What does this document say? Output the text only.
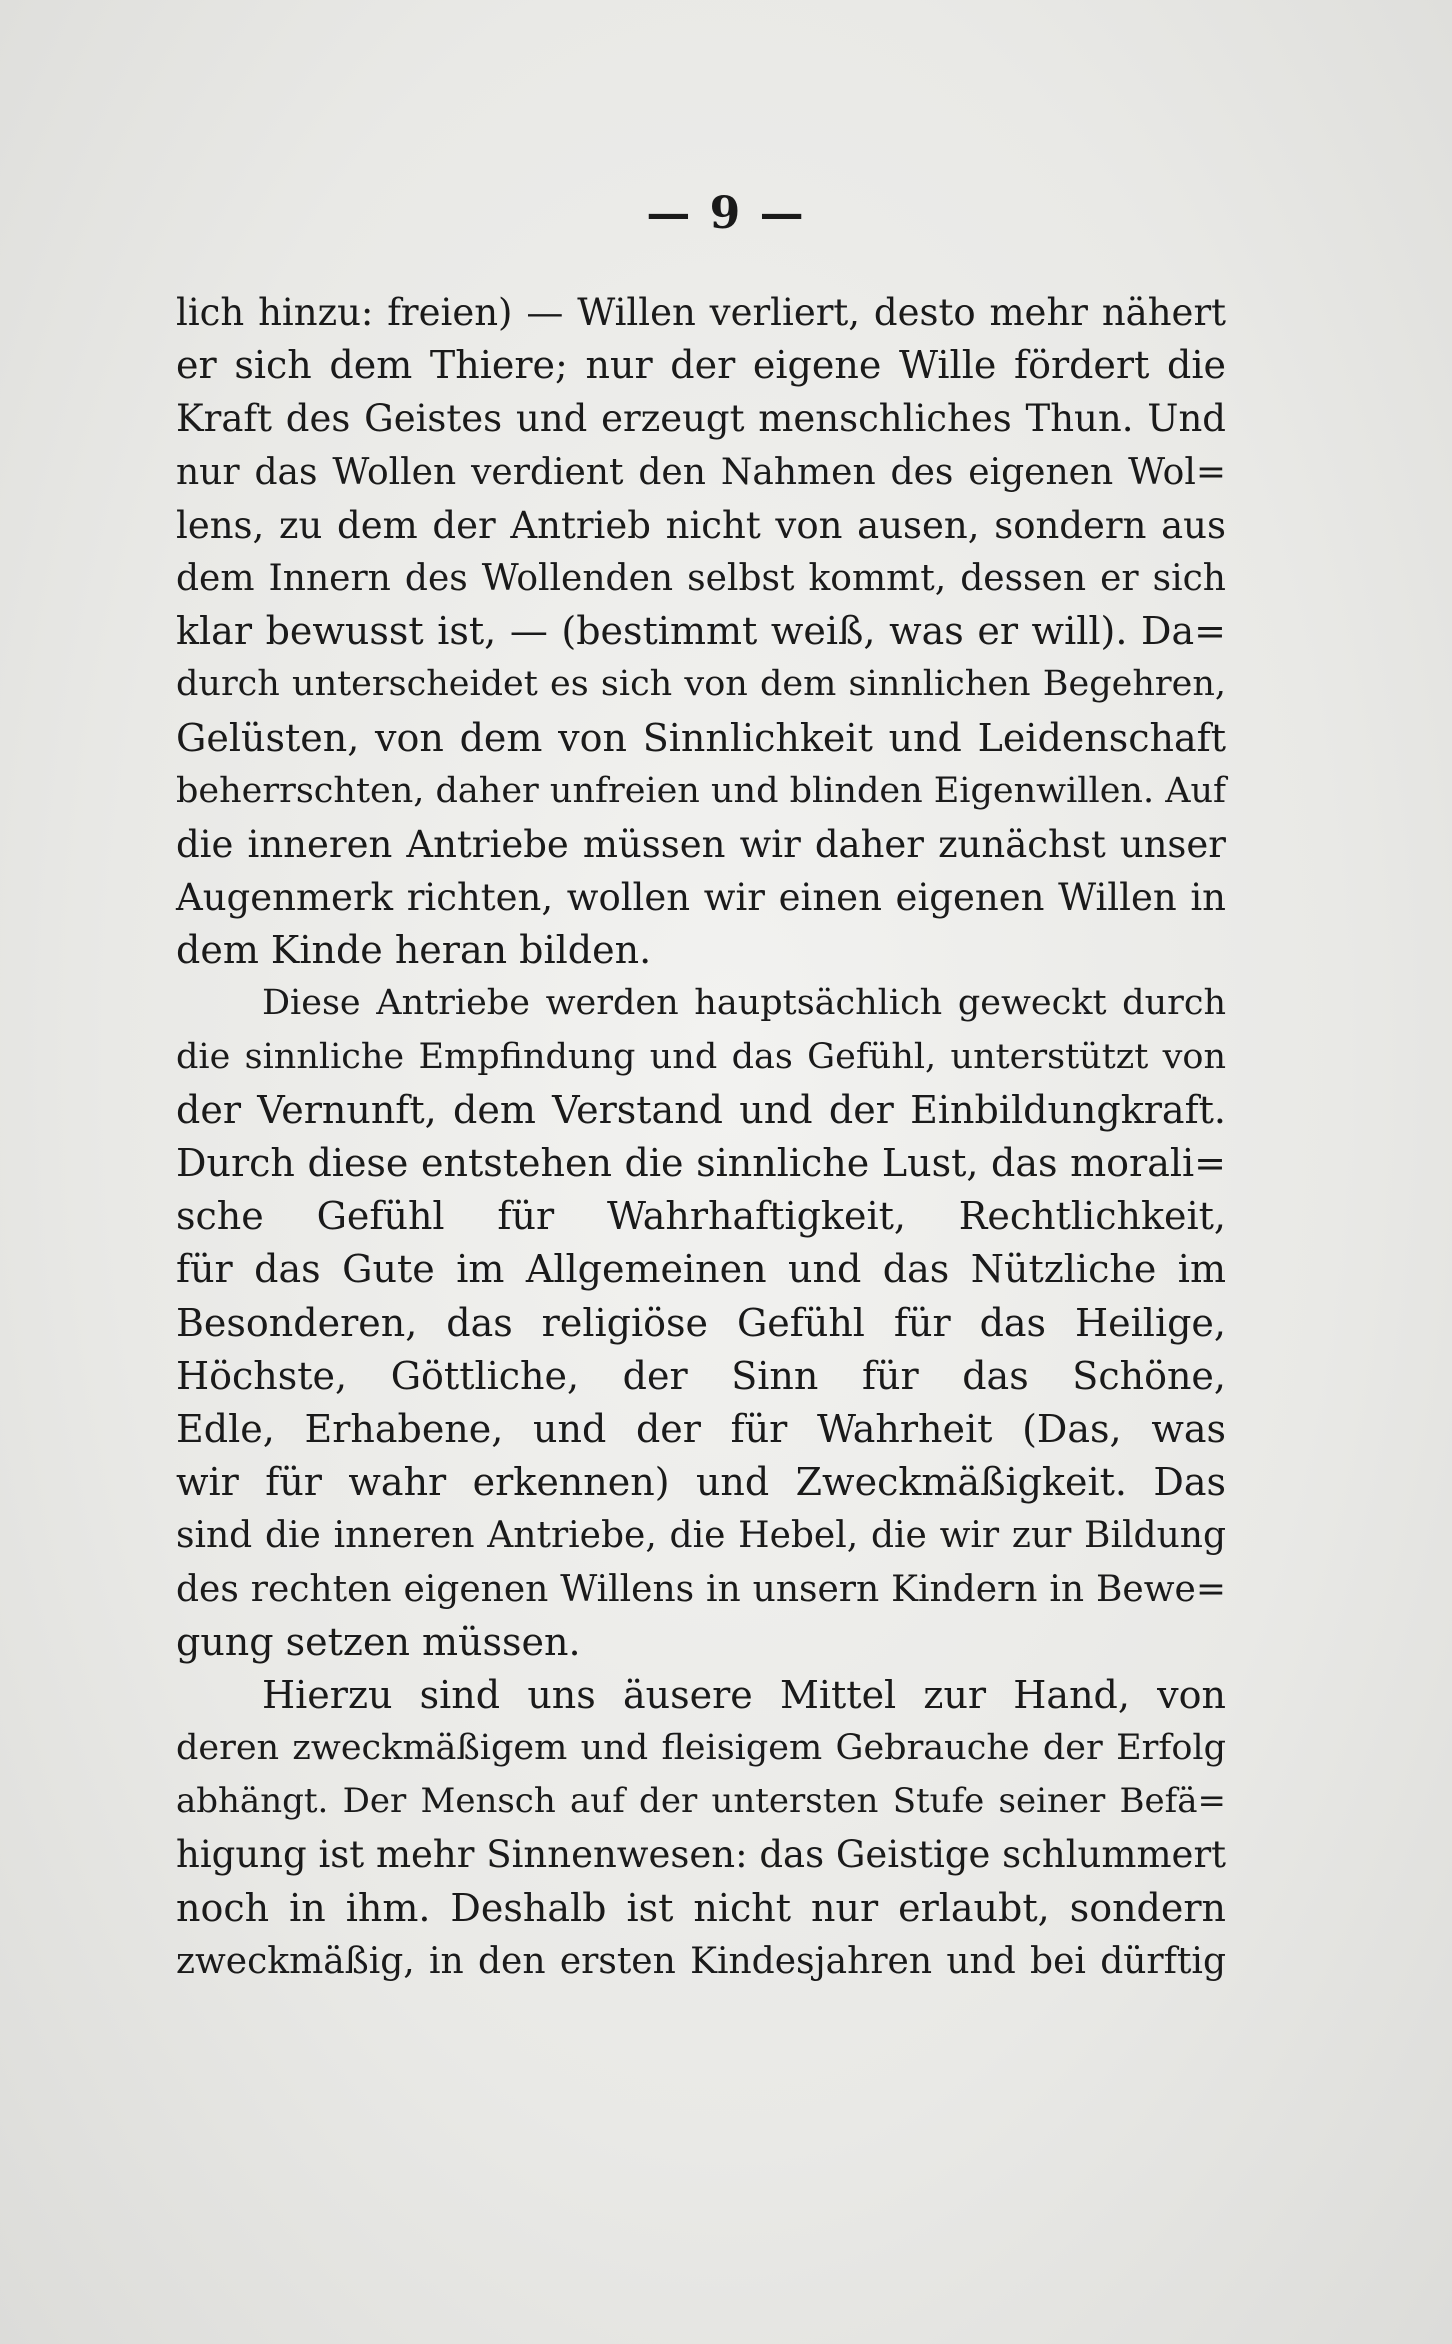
— 9 —
lich hinzu: freien) — Willen verliert, desto mehr nähert
er sich dem Thiere; nur der eigene Wille fördert die
Kraft des Geistes und erzeugt menschliches Thun. Und
nur das Wollen verdient den Nahmen des eigenen Wol=
lens, zu dem der Antrieb nicht von ausen, sondern aus
dem Innern des Wollenden selbst kommt, dessen er sich
klar bewusst ist, — (bestimmt weiß, was er will). Da=
durch unterscheidet es sich von dem sinnlichen Begehren,
Gelüsten, von dem von Sinnlichkeit und Leidenschaft
beherrschten, daher unfreien und blinden Eigenwillen. Auf
die inneren Antriebe müssen wir daher zunächst unser
Augenmerk richten, wollen wir einen eigenen Willen in
dem Kinde heran bilden.
Diese Antriebe werden hauptsächlich geweckt durch
die sinnliche Empfindung und das Gefühl, unterstützt von
der Vernunft, dem Verstand und der Einbildungkraft.
Durch diese entstehen die sinnliche Lust, das morali=
sche Gefühl für Wahrhaftigkeit, Rechtlichkeit,
für das Gute im Allgemeinen und das Nützliche im
Besonderen, das religiöse Gefühl für das Heilige,
Höchste, Göttliche, der Sinn für das Schöne,
Edle, Erhabene, und der für Wahrheit (Das, was
wir für wahr erkennen) und Zweckmäßigkeit. Das
sind die inneren Antriebe, die Hebel, die wir zur Bildung
des rechten eigenen Willens in unsern Kindern in Bewe=
gung setzen müssen.
Hierzu sind uns äusere Mittel zur Hand, von
deren zweckmäßigem und fleisigem Gebrauche der Erfolg
abhängt. Der Mensch auf der untersten Stufe seiner Befä=
higung ist mehr Sinnenwesen: das Geistige schlummert
noch in ihm. Deshalb ist nicht nur erlaubt, sondern
zweckmäßig, in den ersten Kindesjahren und bei dürftig
